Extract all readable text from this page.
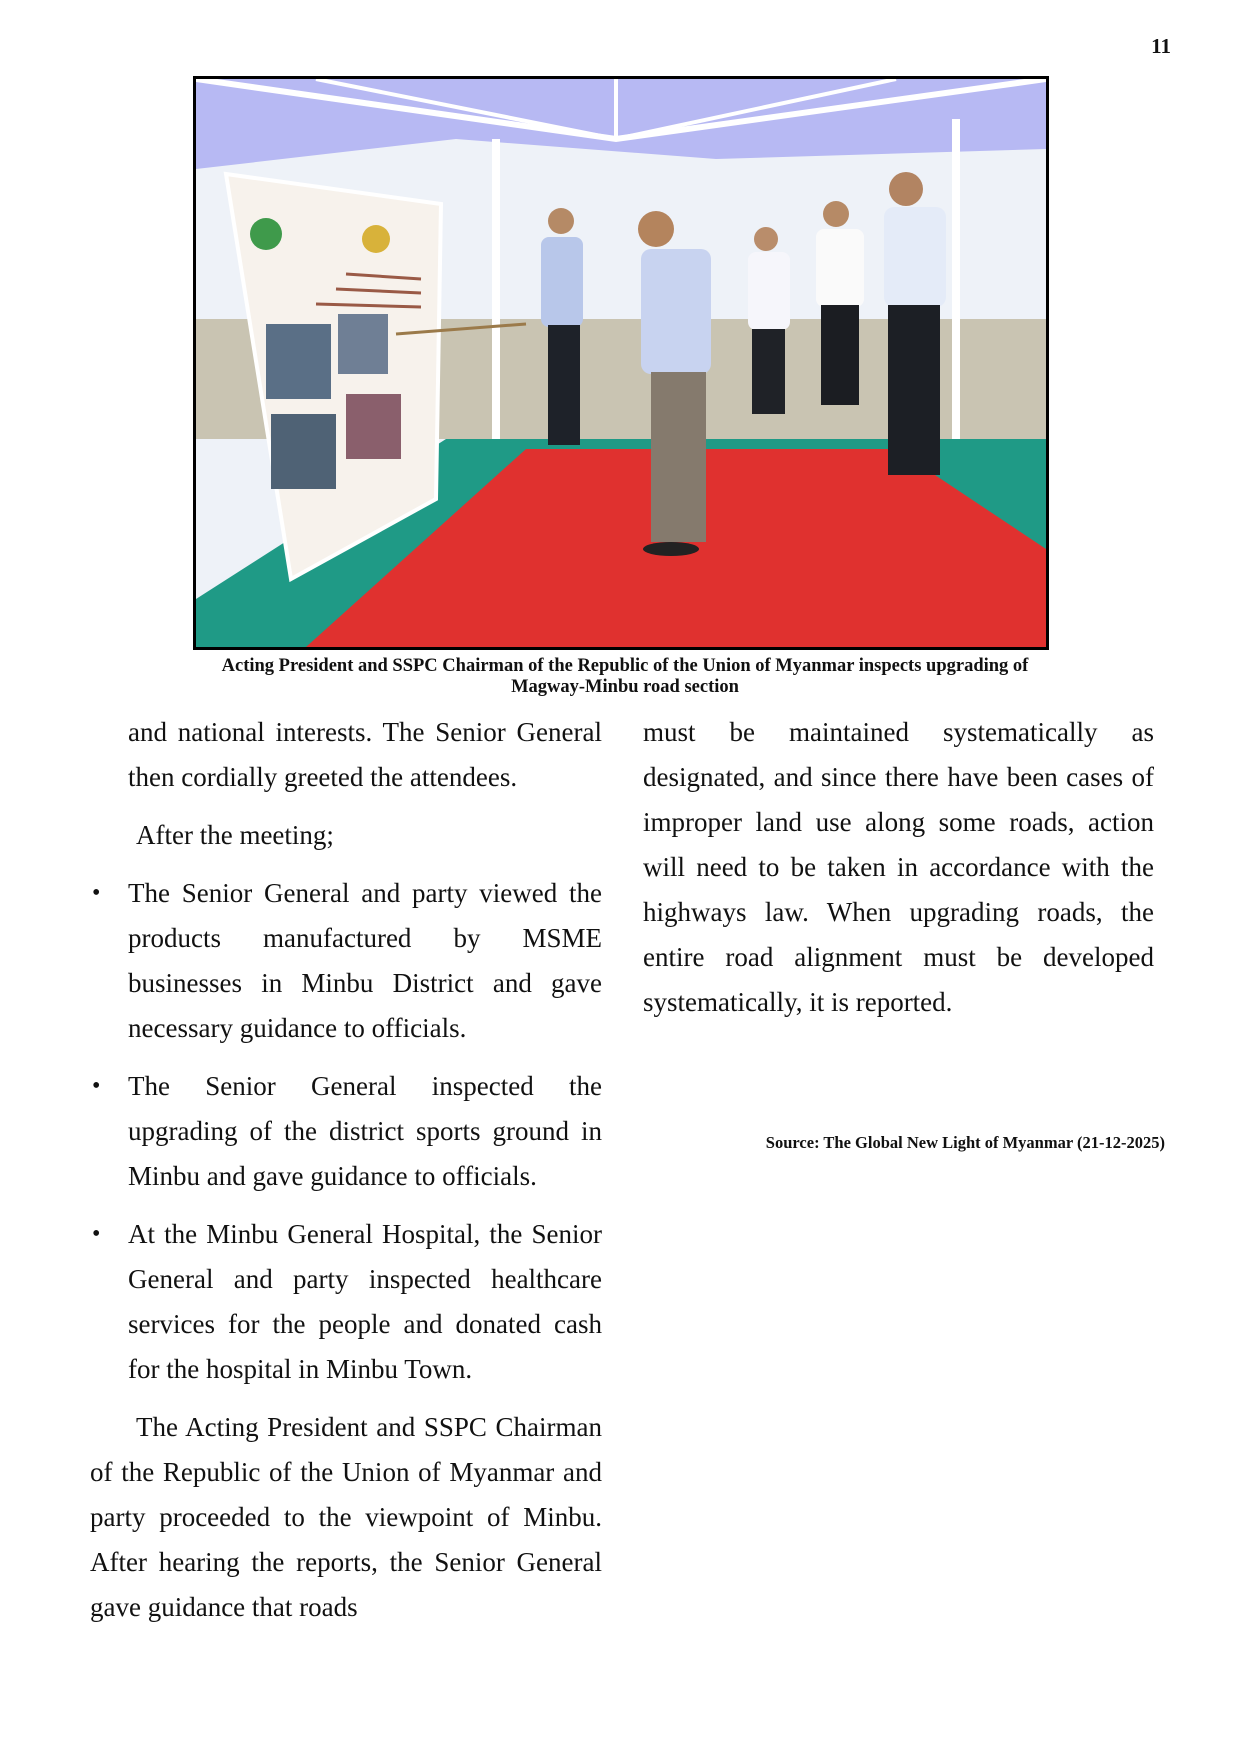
11
Acting President and SSPC Chairman of the Republic of the Union of Myanmar inspects upgrading of
Magway-Minbu road section

and national interests. The Senior General then cordially greeted the attendees.

After the meeting;

• The Senior General and party viewed the products manufactured by MSME businesses in Minbu District and gave necessary guidance to officials.

• The Senior General inspected the upgrading of the district sports ground in Minbu and gave guidance to officials.

• At the Minbu General Hospital, the Senior General and party inspected healthcare services for the people and donated cash for the hospital in Minbu Town.

The Acting President and SSPC Chairman of the Republic of the Union of Myanmar and party proceeded to the viewpoint of Minbu. After hearing the reports, the Senior General gave guidance that roads

must be maintained systematically as designated, and since there have been cases of improper land use along some roads, action will need to be taken in accordance with the highways law. When upgrading roads, the entire road alignment must be developed systematically, it is reported.

Source: The Global New Light of Myanmar (21-12-2025)
